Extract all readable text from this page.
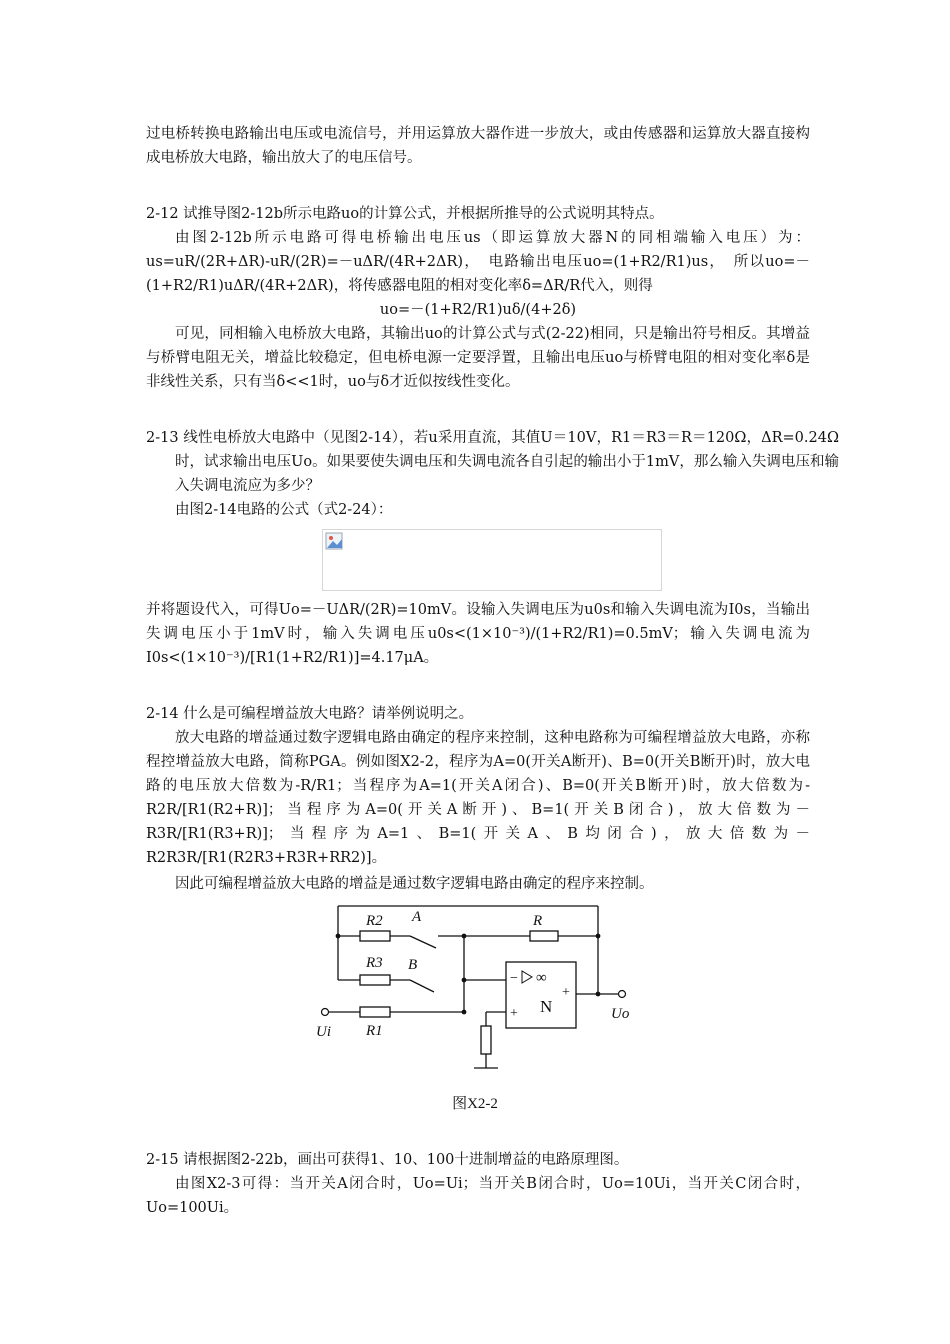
过电桥转换电路输出电压或电流信号，并用运算放大器作进一步放大，或由传感器和运算放大器直接构成电桥放大电路，输出放大了的电压信号。

2-12 试推导图2-12b所示电路uo的计算公式，并根据所推导的公式说明其特点。

由图2-12b所示电路可得电桥输出电压us（即运算放大器N的同相端输入电压）为：us=uR/(2R+ΔR)-uR/(2R)=－uΔR/(4R+2ΔR)，　电路输出电压uo=(1+R2/R1)us，　所以uo=－(1+R2/R1)uΔR/(4R+2ΔR)，将传感器电阻的相对变化率δ=ΔR/R代入，则得

uo=－(1+R2/R1)uδ/(4+2δ)

可见，同相输入电桥放大电路，其输出uo的计算公式与式(2-22)相同，只是输出符号相反。其增益与桥臂电阻无关，增益比较稳定，但电桥电源一定要浮置，且输出电压uo与桥臂电阻的相对变化率δ是非线性关系，只有当δ<<1时，uo与δ才近似按线性变化。

2-13 线性电桥放大电路中（见图2-14），若u采用直流，其值U＝10V，R1＝R3＝R＝120Ω，ΔR=0.24Ω时，试求输出电压Uo。如果要使失调电压和失调电流各自引起的输出小于1mV，那么输入失调电压和输入失调电流应为多少？

由图2-14电路的公式（式2-24）：

并将题设代入，可得Uo=－UΔR/(2R)=10mV。设输入失调电压为u0s和输入失调电流为I0s，当输出失调电压小于1mV时，输入失调电压u0s<(1×10⁻³)/(1+R2/R1)=0.5mV；输入失调电流为I0s<(1×10⁻³)/[R1(1+R2/R1)]=4.17μA。

2-14 什么是可编程增益放大电路？请举例说明之。

放大电路的增益通过数字逻辑电路由确定的程序来控制，这种电路称为可编程增益放大电路，亦称程控增益放大电路，简称PGA。例如图X2-2，程序为A=0(开关A断开)、B=0(开关B断开)时，放大电路的电压放大倍数为-R/R1；当程序为A=1(开关A闭合)、B=0(开关B断开)时，放大倍数为-R2R/[R1(R2+R)]；当程序为A=0(开关A断开)、B=1(开关B闭合)，放大倍数为－R3R/[R1(R3+R)]；当程序为A=1、B=1(开关A、B均闭合)，放大倍数为－R2R3R/[R1(R2R3+R3R+RR2)]。

因此可编程增益放大电路的增益是通过数字逻辑电路由确定的程序来控制。

R2 A	R
R3 B
R1
Ui
Uo
− ∞
+ N
+
图X2-2

2-15 请根据图2-22b，画出可获得1、10、100十进制增益的电路原理图。

由图X2-3可得：当开关A闭合时，Uo=Ui；当开关B闭合时，Uo=10Ui，当开关C闭合时，Uo=100Ui。
